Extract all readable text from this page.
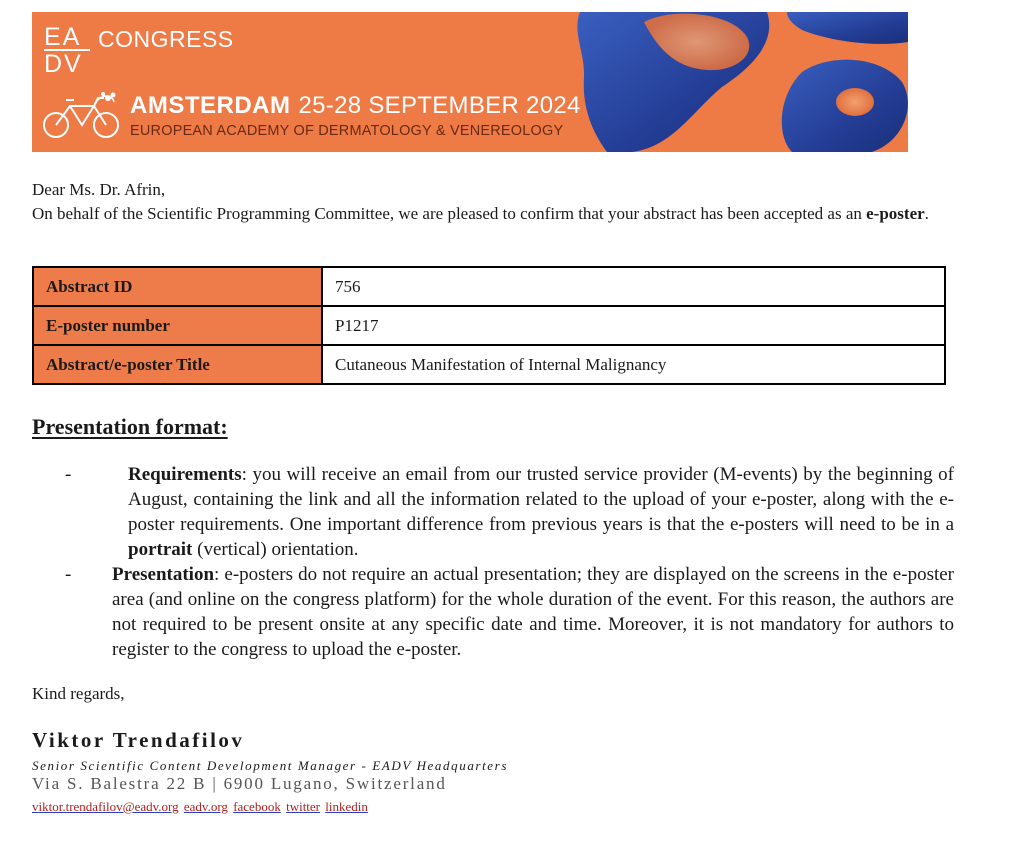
EA
DV
CONGRESS
AMSTERDAM 25-28 SEPTEMBER 2024
EUROPEAN ACADEMY OF DERMATOLOGY & VENEREOLOGY
Dear Ms. Dr. Afrin,
On behalf of the Scientific Programming Committee, we are pleased to confirm that your abstract has been accepted as an e-poster.
Abstract ID	756
E-poster number	P1217
Abstract/e-poster Title	Cutaneous Manifestation of Internal Malignancy
Presentation format:
-	Requirements: you will receive an email from our trusted service provider (M-events) by the beginning of August, containing the link and all the information related to the upload of your e-poster, along with the e-poster requirements. One important difference from previous years is that the e-posters will need to be in a portrait (vertical) orientation.
- Presentation: e-posters do not require an actual presentation; they are displayed on the screens in the e-poster area (and online on the congress platform) for the whole duration of the event. For this reason, the authors are not required to be present onsite at any specific date and time. Moreover, it is not mandatory for authors to register to the congress to upload the e-poster.
Kind regards,
Viktor Trendafilov
Senior Scientific Content Development Manager - EADV Headquarters
Via S. Balestra 22 B | 6900 Lugano, Switzerland
viktor.trendafilov@eadv.org eadv.org facebook twitter linkedin
